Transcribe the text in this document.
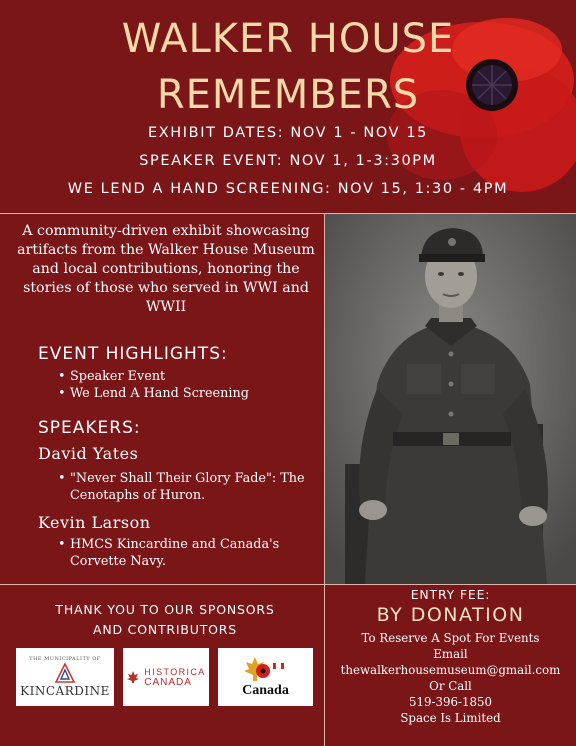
WALKER HOUSE
REMEMBERS
EXHIBIT DATES: NOV 1 - NOV 15
SPEAKER EVENT: NOV 1, 1-3:30PM
WE LEND A HAND SCREENING: NOV 15, 1:30 - 4PM
A community-driven exhibit showcasing artifacts from the Walker House Museum and local contributions, honoring the stories of those who served in WWI and WWII
EVENT HIGHLIGHTS:
• Speaker Event
• We Lend A Hand Screening
SPEAKERS:
David Yates
• "Never Shall Their Glory Fade": The Cenotaphs of Huron.
Kevin Larson
• HMCS Kincardine and Canada's Corvette Navy.
THANK YOU TO OUR SPONSORS
AND CONTRIBUTORS
THE MUNICIPALITY OF
KINCARDINE
HISTORICA
CANADA
Canada
ENTRY FEE:
BY DONATION
To Reserve A Spot For Events
Email
thewalkerhousemuseum@gmail.com
Or Call
519-396-1850
Space Is Limited
